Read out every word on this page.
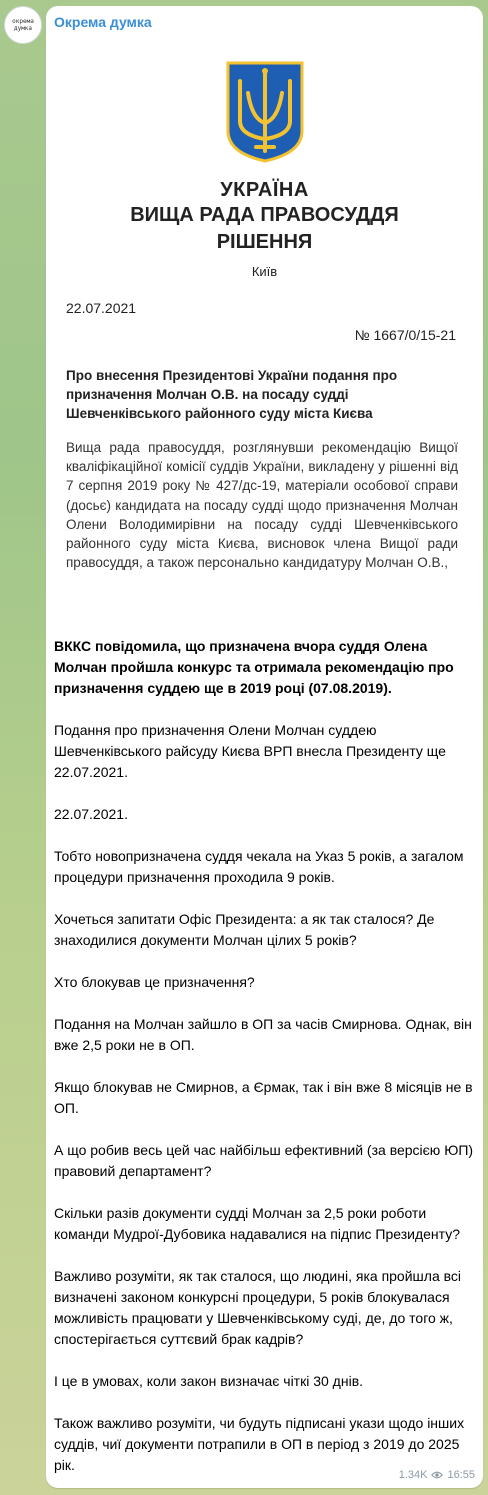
окрема
думка Окрема думка
УКРАЇНА
ВИЩА РАДА ПРАВОСУДДЯ
РІШЕННЯ
Київ
22.07.2021
№ 1667/0/15-21
Про внесення Президентові України подання про призначення Молчан О.В. на посаду судді Шевченківського районного суду міста Києва
Вища рада правосуддя, розглянувши рекомендацію Вищої кваліфікаційної комісії суддів України, викладену у рішенні від 7 серпня 2019 року № 427/дс-19, матеріали особової справи (досьє) кандидата на посаду судді щодо призначення Молчан Олени Володимирівни на посаду судді Шевченківського районного суду міста Києва, висновок члена Вищої ради правосуддя, а також персонально кандидатуру Молчан О.В.,

ВККС повідомила, що призначена вчора суддя Олена Молчан пройшла конкурс та отримала рекомендацію про призначення суддею ще в 2019 році (07.08.2019).

Подання про призначення Олени Молчан суддею Шевченківського райсуду Києва ВРП внесла Президенту ще 22.07.2021.

22.07.2021.

Тобто новопризначена суддя чекала на Указ 5 років, а загалом процедури призначення проходила 9 років.

Хочеться запитати Офіс Президента: а як так сталося? Де знаходилися документи Молчан цілих 5 років?

Хто блокував це призначення?

Подання на Молчан зайшло в ОП за часів Смирнова. Однак, він вже 2,5 роки не в ОП.

Якщо блокував не Смирнов, а Єрмак, так і він вже 8 місяців не в ОП.

А що робив весь цей час найбільш ефективний (за версією ЮП) правовий департамент?

Скільки разів документи судді Молчан за 2,5 роки роботи команди Мудрої-Дубовика надавалися на підпис Президенту?

Важливо розуміти, як так сталося, що людині, яка пройшла всі визначені законом конкурсні процедури, 5 років блокувалася можливість працювати у Шевченківському суді, де, до того ж, спостерігається суттєвий брак кадрів?

І це в умовах, коли закон визначає чіткі 30 днів.

Також важливо розуміти, чи будуть підписані укази щодо інших суддів, чиї документи потрапили в ОП в період з 2019 до 2025 рік.

1.34K 16:55
